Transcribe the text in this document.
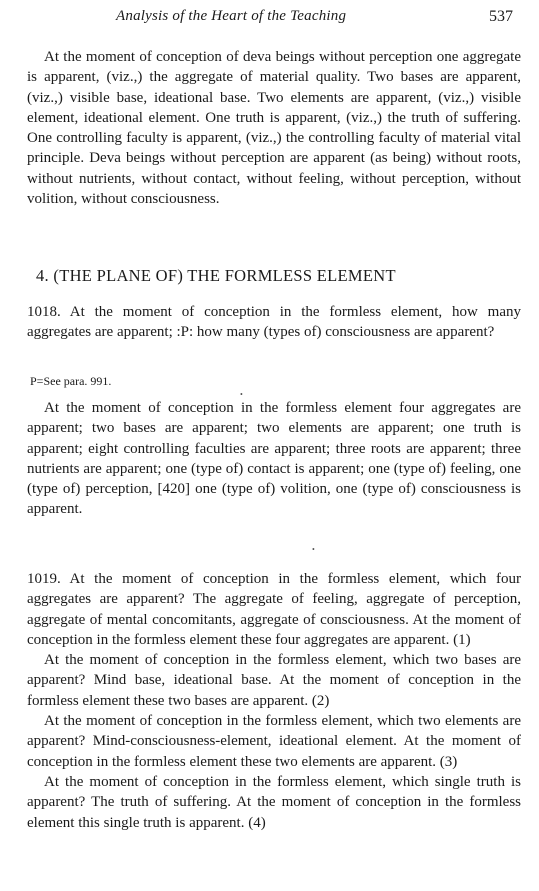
Analysis of the Heart of the Teaching	537

At the moment of conception of deva beings without perception one aggregate is apparent, (viz.,) the aggregate of material quality. Two bases are apparent, (viz.,) visible base, ideational base. Two elements are apparent, (viz.,) visible element, ideational element. One truth is apparent, (viz.,) the truth of suffering. One controlling faculty is apparent, (viz.,) the controlling faculty of material vital principle. Deva beings without perception are apparent (as being) without roots, without nutrients, without contact, without feeling, without perception, without volition, without consciousness.

4. (THE PLANE OF) THE FORMLESS ELEMENT

1018. At the moment of conception in the formless element, how many aggregates are apparent; :P: how many (types of) consciousness are apparent?

P=See para. 991.

At the moment of conception in the formless element four aggregates are apparent; two bases are apparent; two elements are apparent; one truth is apparent; eight controlling faculties are apparent; three roots are apparent; three nutrients are apparent; one (type of) contact is apparent; one (type of) feeling, one (type of) perception, [420] one (type of) volition, one (type of) consciousness is apparent.

1019. At the moment of conception in the formless element, which four aggregates are apparent? The aggregate of feeling, aggregate of perception, aggregate of mental concomitants, aggregate of consciousness. At the moment of conception in the formless element these four aggregates are apparent. (1)

At the moment of conception in the formless element, which two bases are apparent? Mind base, ideational base. At the moment of conception in the formless element these two bases are apparent. (2)

At the moment of conception in the formless element, which two elements are apparent? Mind-consciousness-element, ideational element. At the moment of conception in the formless element these two elements are apparent. (3)

At the moment of conception in the formless element, which single truth is apparent? The truth of suffering. At the moment of conception in the formless element this single truth is apparent. (4)

•
•
